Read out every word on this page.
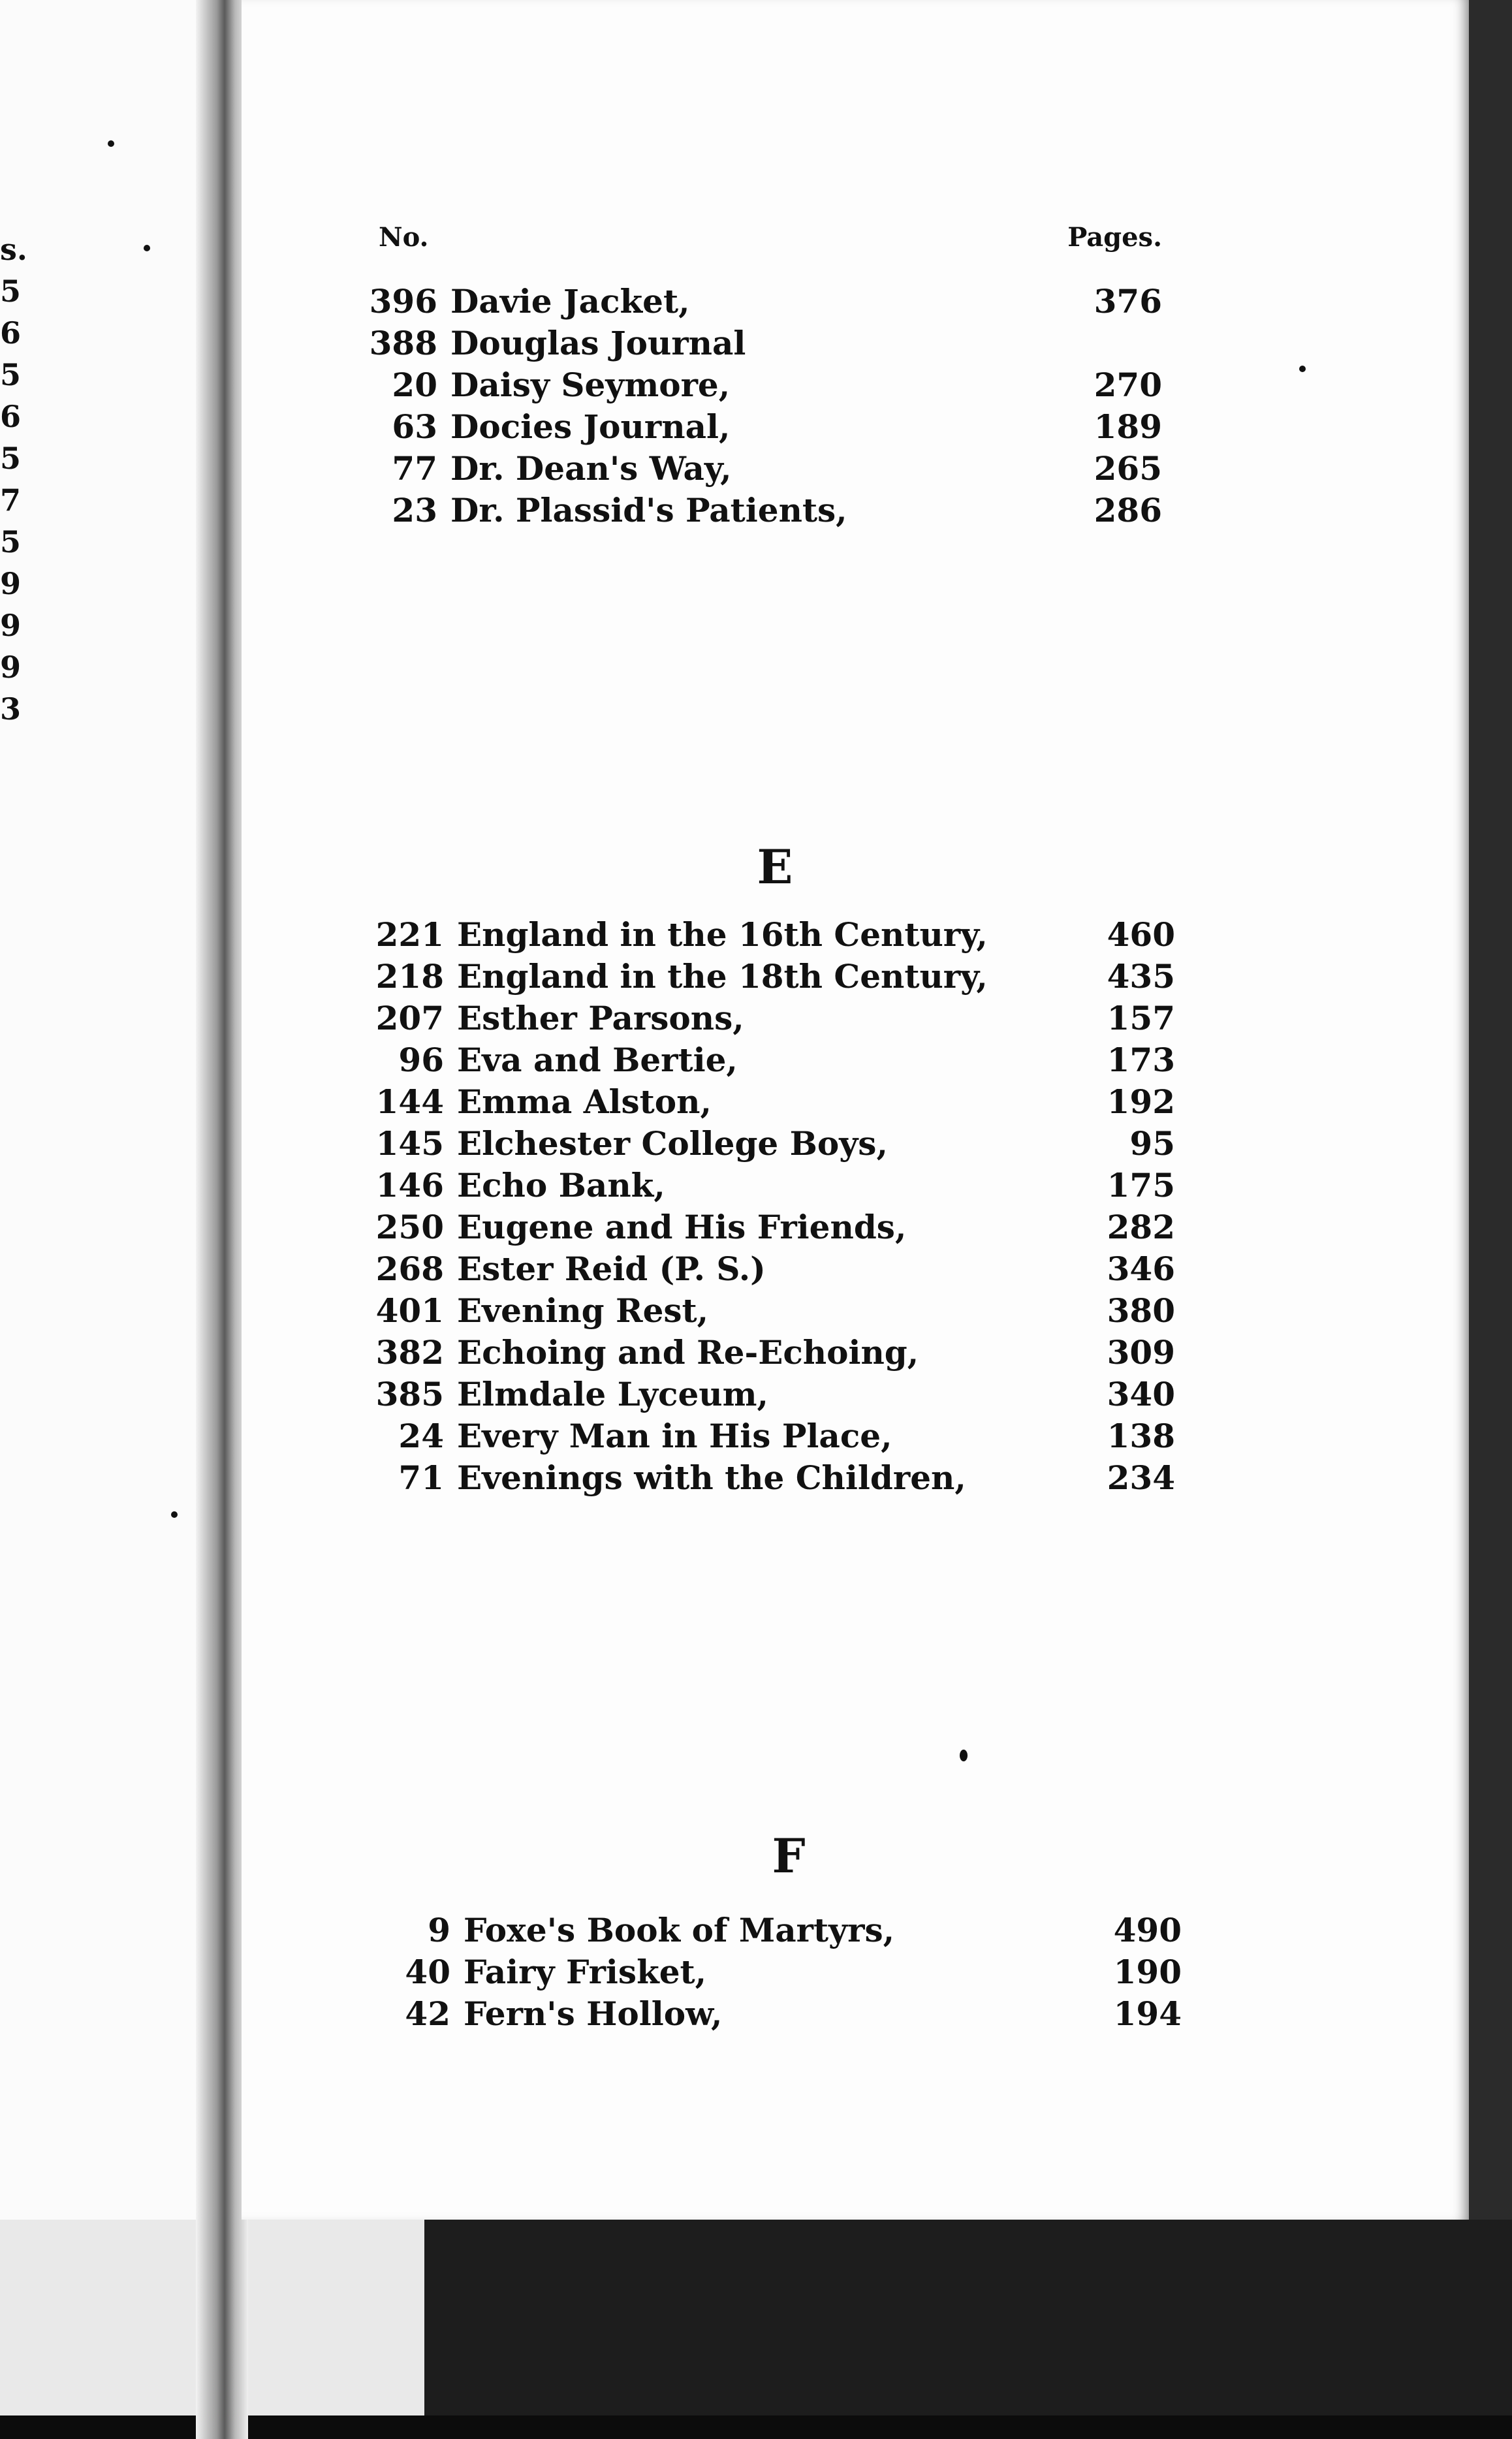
s.
5
6
5
6
5
7
5
9
9
9
3
No.	Pages.
396 Davie Jacket,	376
388 Douglas Journal
20 Daisy Seymore,	270
63 Docies Journal,	189
77 Dr. Dean's Way,	265
23 Dr. Plassid's Patients,	286
E
221 England in the 16th Century,	460
218 England in the 18th Century,	435
207 Esther Parsons,	157
96 Eva and Bertie,	173
144 Emma Alston,	192
145 Elchester College Boys,	95
146 Echo Bank,	175
250 Eugene and His Friends,	282
268 Ester Reid (P. S.)	346
401 Evening Rest,	380
382 Echoing and Re-Echoing,	309
385 Elmdale Lyceum,	340
24 Every Man in His Place,	138
71 Evenings with the Children,	234
F
9 Foxe's Book of Martyrs,	490
40 Fairy Frisket,	190
42 Fern's Hollow,	194
